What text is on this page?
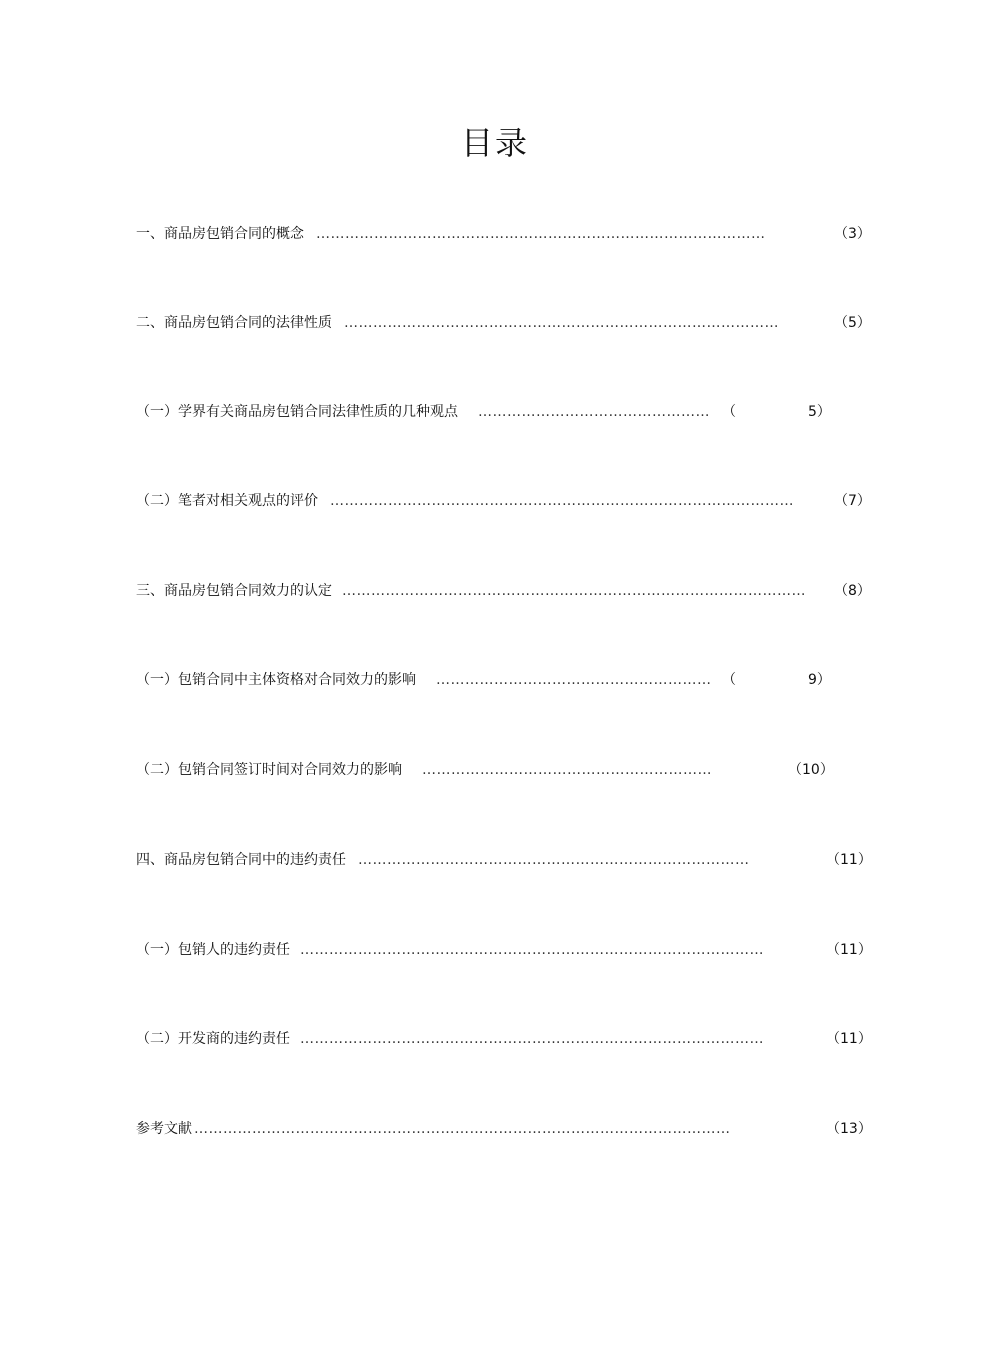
目录
一、商品房包销合同的概念 …………………………………………………………………………………	（3）
二、商品房包销合同的法律性质 ………………………………………………………………………………	（5）
（一）学界有关商品房包销合同法律性质的几种观点 ………………………………………… （	5）
（二）笔者对相关观点的评价 ……………………………………………………………………………………	（7）
三、商品房包销合同效力的认定 …………………………………………………………………………………… （8）
（一）包销合同中主体资格对合同效力的影响 ………………………………………………… （	9）
（二）包销合同签订时间对合同效力的影响 ……………………………………………………	（10）
四、商品房包销合同中的违约责任 ………………………………………………………………………	（11）
（一）包销人的违约责任 ……………………………………………………………………………………	（11）
（二）开发商的违约责任 ……………………………………………………………………………………	（11）
参考文献 …………………………………………………………………………………………………	（13）
